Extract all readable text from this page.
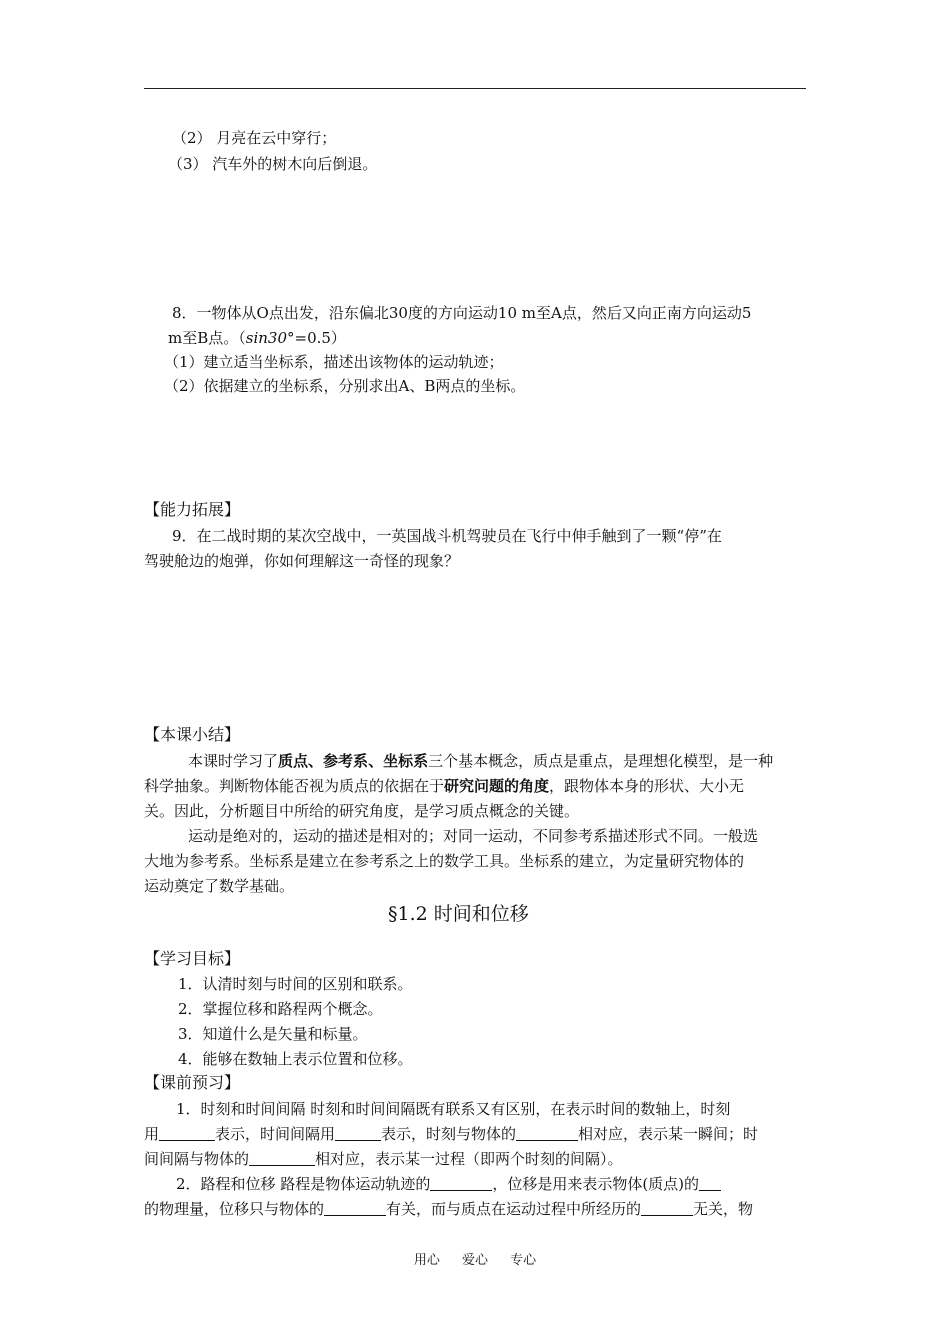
（2） 月亮在云中穿行；
（3） 汽车外的树木向后倒退。
8．一物体从O点出发，沿东偏北30度的方向运动10 m至A点，然后又向正南方向运动5
m至B点。（sin30°=0.5）
（1）建立适当坐标系，描述出该物体的运动轨迹；
（2）依据建立的坐标系，分别求出A、B两点的坐标。
【能力拓展】
9．在二战时期的某次空战中，一英国战斗机驾驶员在飞行中伸手触到了一颗“停”在
驾驶舱边的炮弹，你如何理解这一奇怪的现象？
【本课小结】
本课时学习了质点、参考系、坐标系三个基本概念，质点是重点，是理想化模型，是一种
科学抽象。判断物体能否视为质点的依据在于研究问题的角度，跟物体本身的形状、大小无
关。因此，分析题目中所给的研究角度，是学习质点概念的关键。
运动是绝对的，运动的描述是相对的；对同一运动，不同参考系描述形式不同。一般选
大地为参考系。坐标系是建立在参考系之上的数学工具。坐标系的建立，为定量研究物体的
运动奠定了数学基础。
§1.2 时间和位移
【学习目标】
1．认清时刻与时间的区别和联系。
2．掌握位移和路程两个概念。
3．知道什么是矢量和标量。
4．能够在数轴上表示位置和位移。
【课前预习】
1．时刻和时间间隔 时刻和时间间隔既有联系又有区别，在表示时间的数轴上，时刻
用	表示，时间间隔用	表示，时刻与物体的	相对应，表示某一瞬间；时
间间隔与物体的	相对应，表示某一过程（即两个时刻的间隔）。
2．路程和位移 路程是物体运动轨迹的	，位移是用来表示物体(质点)的
的物理量，位移只与物体的	有关，而与质点在运动过程中所经历的	无关，物
用心 爱心 专心
